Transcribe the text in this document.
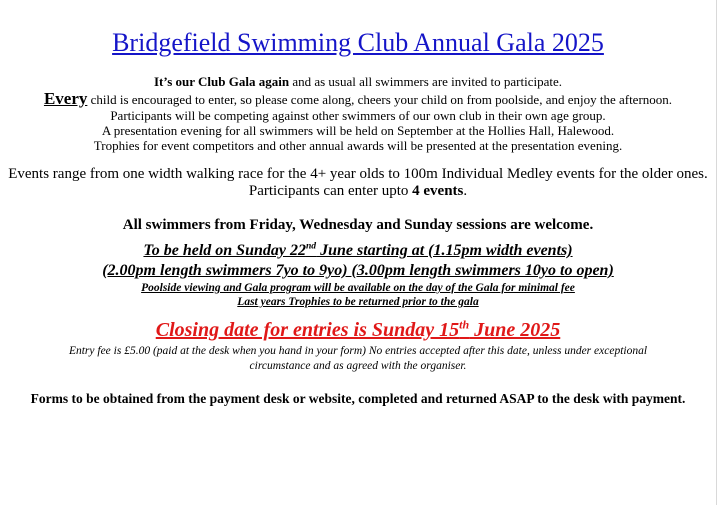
Bridgefield Swimming Club Annual Gala 2025
It’s our Club Gala again and as usual all swimmers are invited to participate.
Every child is encouraged to enter, so please come along, cheers your child on from poolside, and enjoy the afternoon.
Participants will be competing against other swimmers of our own club in their own age group.
A presentation evening for all swimmers will be held on September at the Hollies Hall, Halewood.
Trophies for event competitors and other annual awards will be presented at the presentation evening.
Events range from one width walking race for the 4+ year olds to 100m Individual Medley events for the older ones.
Participants can enter upto 4 events.
All swimmers from Friday, Wednesday and Sunday sessions are welcome.
To be held on Sunday 22nd June starting at (1.15pm width events)
(2.00pm length swimmers 7yo to 9yo) (3.00pm length swimmers 10yo to open)
Poolside viewing and Gala program will be available on the day of the Gala for minimal fee
Last years Trophies to be returned prior to the gala
Closing date for entries is Sunday 15th June 2025
Entry fee is £5.00 (paid at the desk when you hand in your form) No entries accepted after this date, unless under exceptional
circumstance and as agreed with the organiser.
Forms to be obtained from the payment desk or website, completed and returned ASAP to the desk with payment.
